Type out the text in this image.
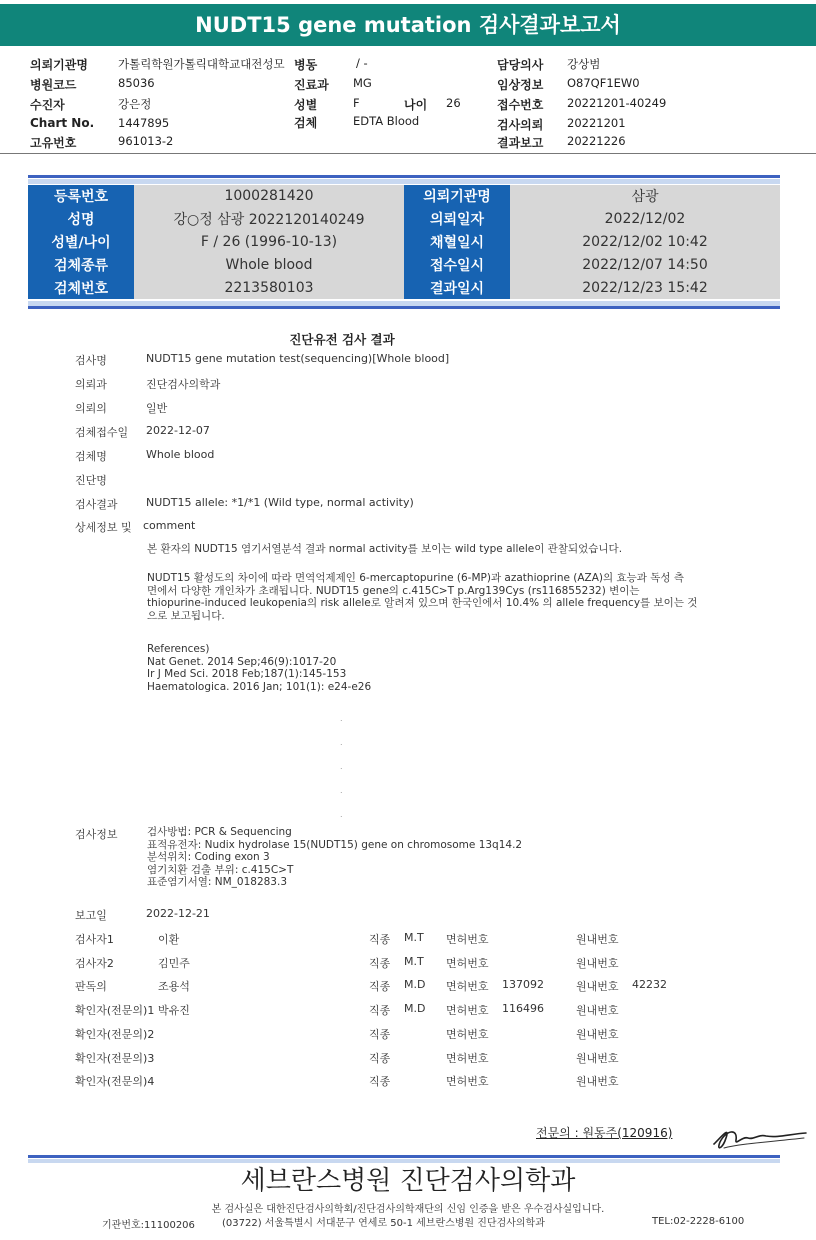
NUDT15 gene mutation 검사결과보고서
의뢰기관명	가톨릭학원가톨릭대학교대전성모 병동	/ -	담당의사 강상범
병원코드	85036	진료과 MG	임상정보 O87QF1EW0
수진자	강은정	성별	F	나이 26	접수번호 20221201-40249
Chart No. 1447895	검체	EDTA Blood	검사의뢰 20221201
고유번호	961013-2	결과보고 20221226
등록번호	1000281420	의뢰기관명	삼광
성명	강○정 삼광 2022120140249	의뢰일자	2022/12/02
성별/나이	F / 26 (1996-10-13)	채혈일시	2022/12/02 10:42
검체종류	Whole blood	접수일시	2022/12/07 14:50
검체번호	2213580103	결과일시	2022/12/23 15:42
진단유전 검사 결과
검사명	NUDT15 gene mutation test(sequencing)[Whole blood]
의뢰과	진단검사의학과
의뢰의	일반
검체접수일 2022-12-07
검체명	Whole blood
진단명
검사결과	NUDT15 allele: *1/*1 (Wild type, normal activity)
상세정보 및 comment
본 환자의 NUDT15 염기서열분석 결과 normal activity를 보이는 wild type allele이 관찰되었습니다.
NUDT15 활성도의 차이에 따라 면역억제제인 6-mercaptopurine (6-MP)과 azathioprine (AZA)의 효능과 독성 측
면에서 다양한 개인차가 초래됩니다. NUDT15 gene의 c.415C>T p.Arg139Cys (rs116855232) 변이는
thiopurine-induced leukopenia의 risk allele로 알려져 있으며 한국인에서 10.4% 의 allele frequency를 보이는 것
으로 보고됩니다.
References)
Nat Genet. 2014 Sep;46(9):1017-20
Ir J Med Sci. 2018 Feb;187(1):145-153
Haematologica. 2016 Jan; 101(1): e24-e26
.
.
.
.
.
검사정보	검사방법: PCR & Sequencing
표적유전자: Nudix hydrolase 15(NUDT15) gene on chromosome 13q14.2
분석위치: Coding exon 3
염기치환 검출 부위: c.415C>T
표준염기서열: NM_018283.3
보고일	2022-12-21
검사자1	이환	직종 M.T 면허번호	원내번호
검사자2	김민주	직종 M.T 면허번호	원내번호
판독의	조용석	직종 M.D 면허번호 137092	원내번호 42232
확인자(전문의)1 박유진	직종 M.D 면허번호 116496	원내번호
확인자(전문의)2	직종	면허번호	원내번호
확인자(전문의)3	직종	면허번호	원내번호
확인자(전문의)4	직종	면허번호	원내번호
전문의 : 원동주(120916)
세브란스병원 진단검사의학과
본 검사실은 대한진단검사의학회/진단검사의학재단의 신임 인증을 받은 우수검사실입니다.
기관번호:11100206	(03722) 서울특별시 서대문구 연세로 50-1 세브란스병원 진단검사의학과	TEL:02-2228-6100
